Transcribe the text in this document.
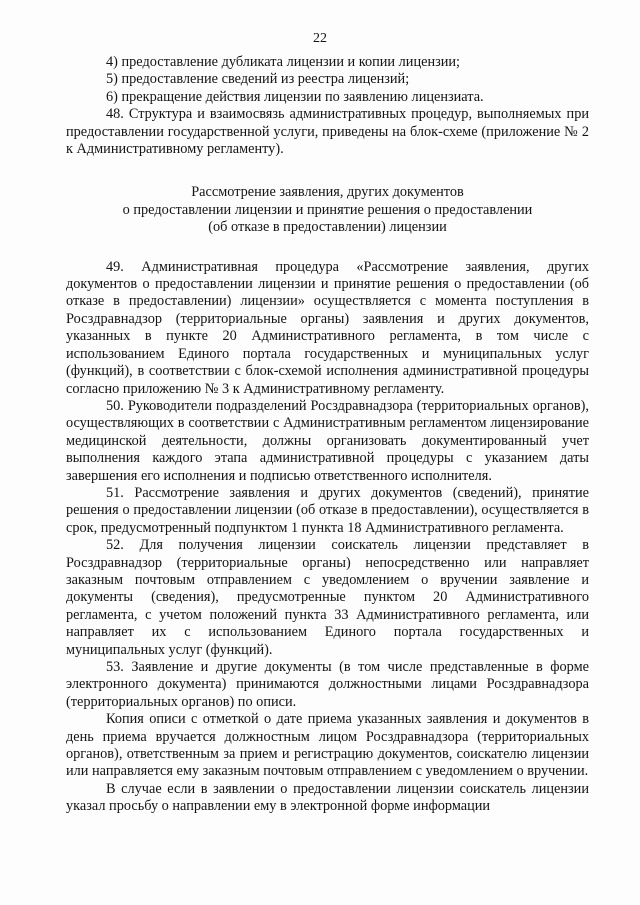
22

4) предоставление дубликата лицензии и копии лицензии;

5) предоставление сведений из реестра лицензий;

6) прекращение действия лицензии по заявлению лицензиата.

48. Структура и взаимосвязь административных процедур, выполняемых при предоставлении государственной услуги, приведены на блок-схеме (приложение № 2 к Административному регламенту).

Рассмотрение заявления, других документов
о предоставлении лицензии и принятие решения о предоставлении
(об отказе в предоставлении) лицензии

49. Административная процедура «Рассмотрение заявления, других документов о предоставлении лицензии и принятие решения о предоставлении (об отказе в предоставлении) лицензии» осуществляется с момента поступления в Росздравнадзор (территориальные органы) заявления и других документов, указанных в пункте 20 Административного регламента, в том числе с использованием Единого портала государственных и муниципальных услуг (функций), в соответствии с блок-схемой исполнения административной процедуры согласно приложению № 3 к Административному регламенту.

50. Руководители подразделений Росздравнадзора (территориальных органов), осуществляющих в соответствии с Административным регламентом лицензирование медицинской деятельности, должны организовать документированный учет выполнения каждого этапа административной процедуры с указанием даты завершения его исполнения и подписью ответственного исполнителя.

51. Рассмотрение заявления и других документов (сведений), принятие решения о предоставлении лицензии (об отказе в предоставлении), осуществляется в срок, предусмотренный подпунктом 1 пункта 18 Административного регламента.

52. Для получения лицензии соискатель лицензии представляет в Росздравнадзор (территориальные органы) непосредственно или направляет заказным почтовым отправлением с уведомлением о вручении заявление и документы (сведения), предусмотренные пунктом 20 Административного регламента, с учетом положений пункта 33 Административного регламента, или направляет их с использованием Единого портала государственных и муниципальных услуг (функций).

53. Заявление и другие документы (в том числе представленные в форме электронного документа) принимаются должностными лицами Росздравнадзора (территориальных органов) по описи.

Копия описи с отметкой о дате приема указанных заявления и документов в день приема вручается должностным лицом Росздравнадзора (территориальных органов), ответственным за прием и регистрацию документов, соискателю лицензии или направляется ему заказным почтовым отправлением с уведомлением о вручении.

В случае если в заявлении о предоставлении лицензии соискатель лицензии указал просьбу о направлении ему в электронной форме информации
